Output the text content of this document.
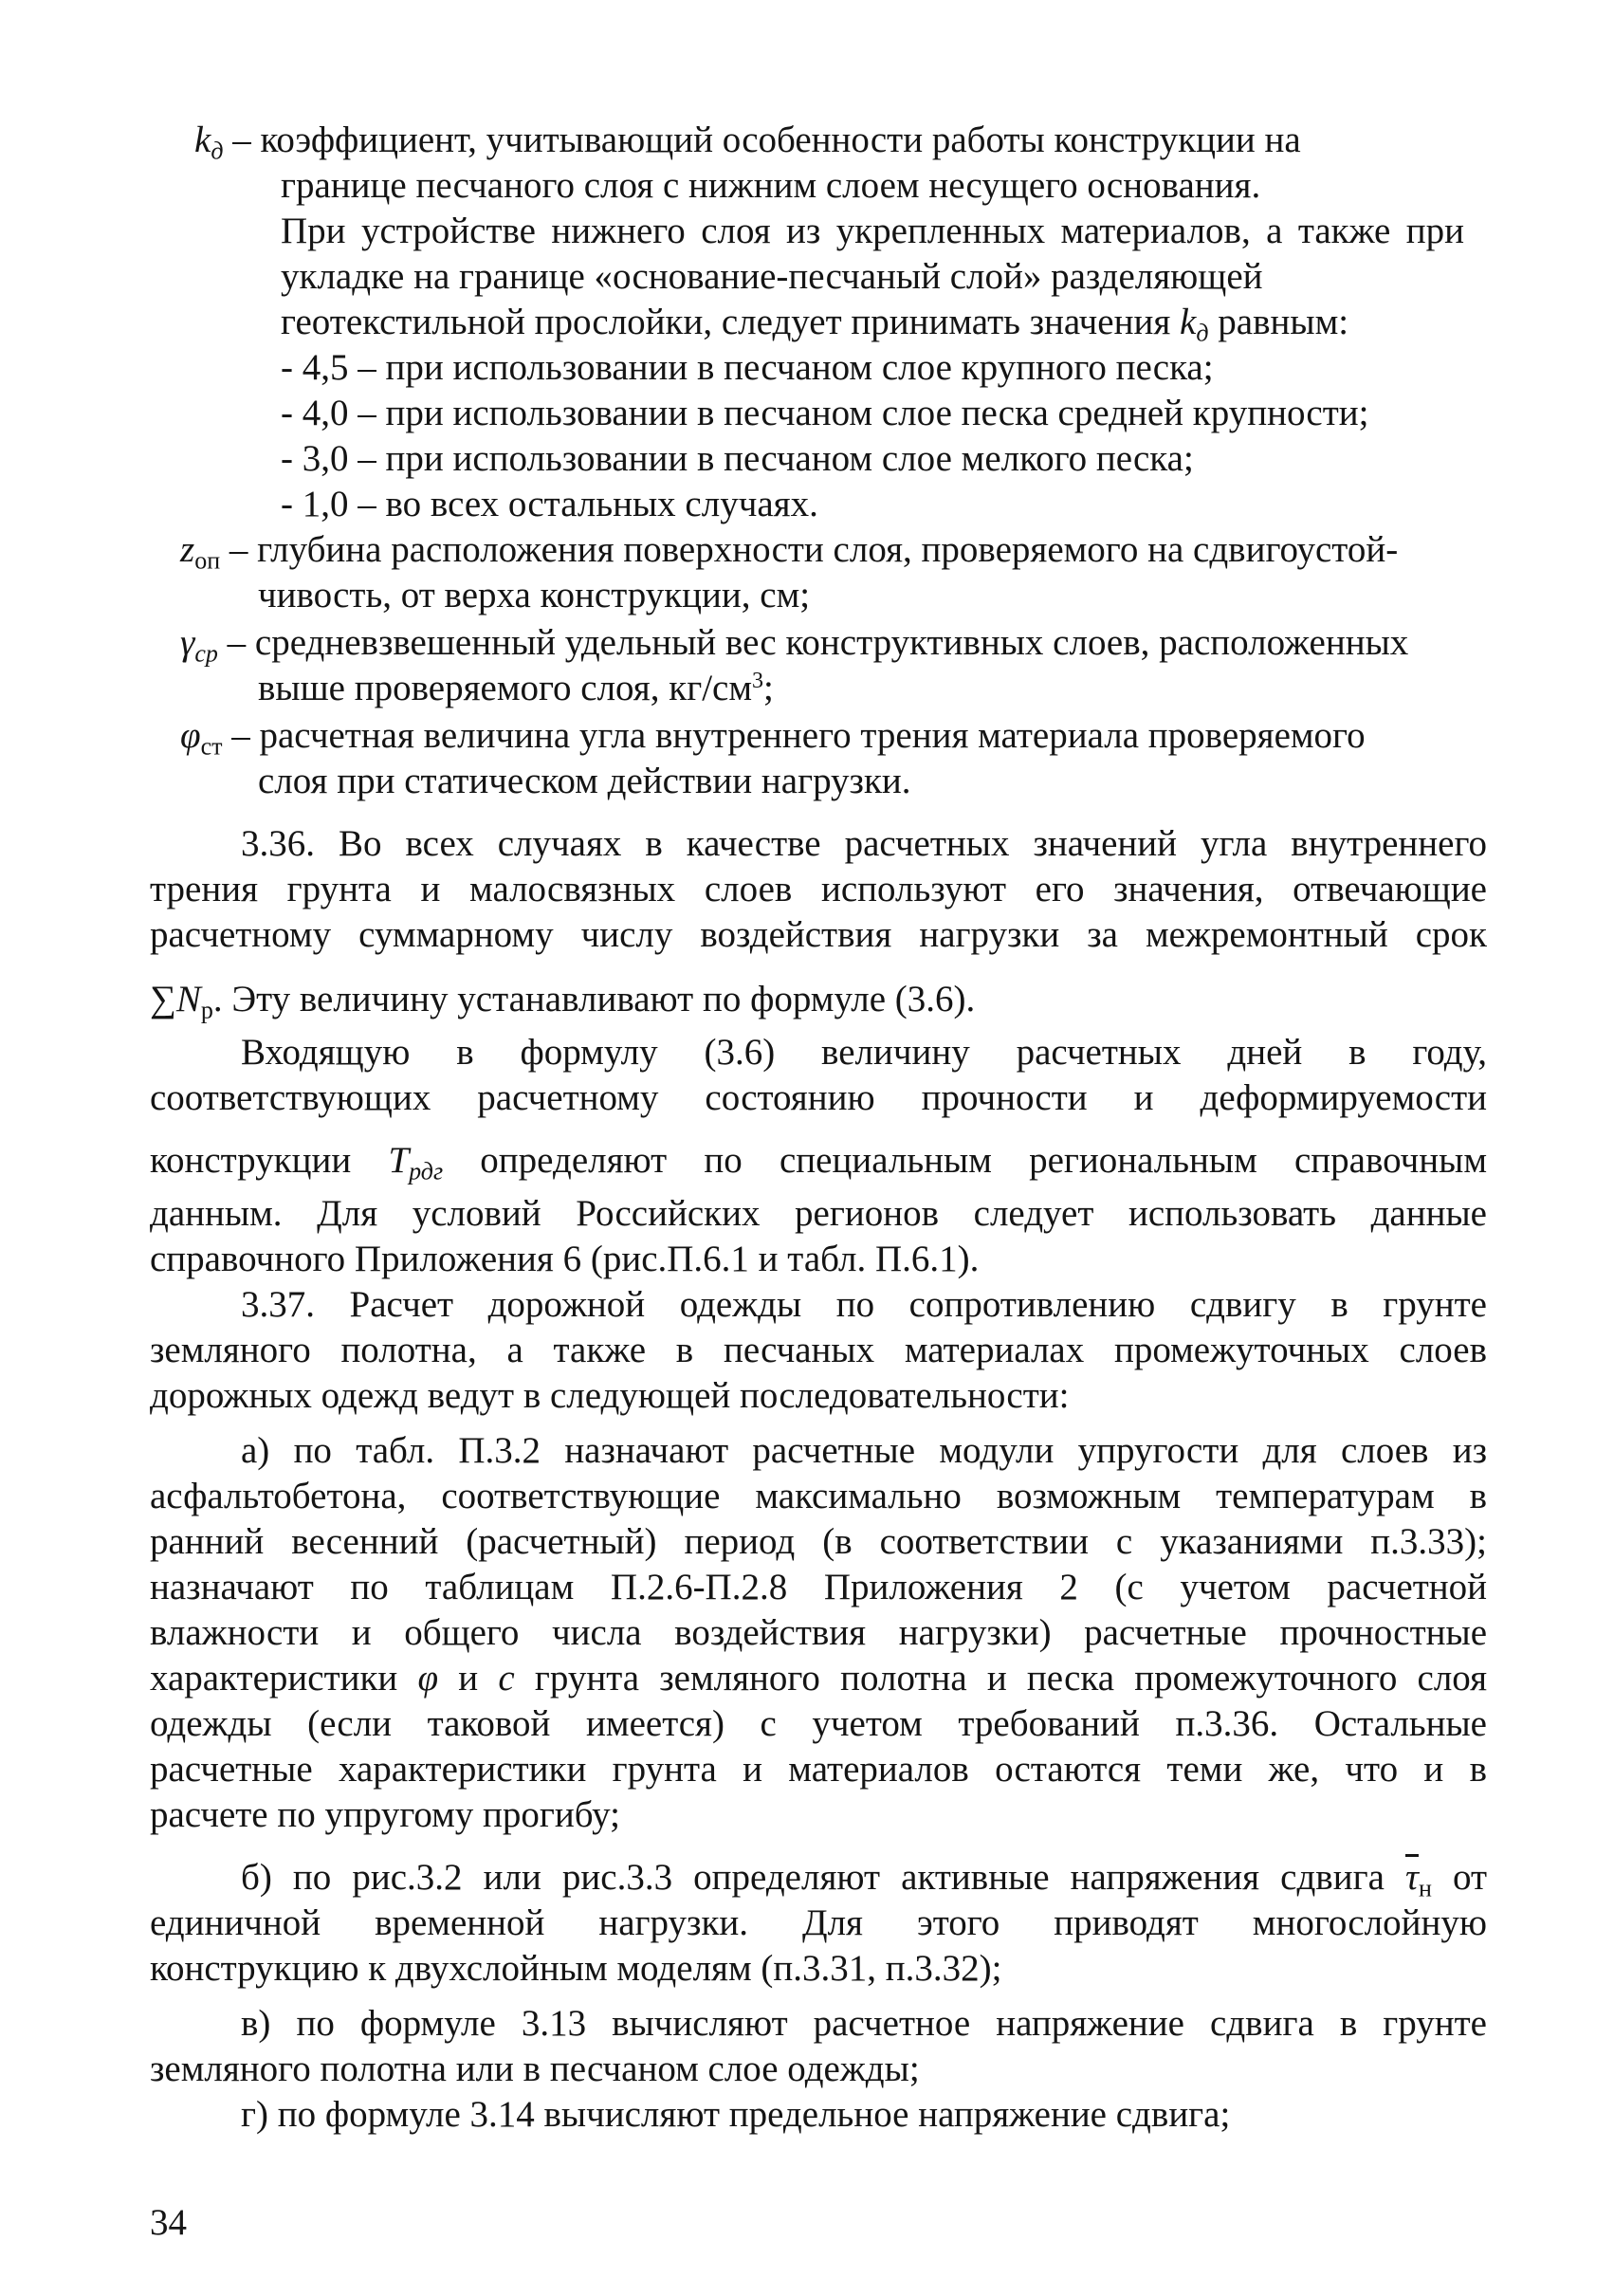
$k_д$ – коэффициент, учитывающий особенности работы конструкции на
границе песчаного слоя с нижним слоем несущего основания.
При устройстве нижнего слоя из укрепленных материалов, а также при
укладке на границе «основание-песчаный слой» разделяющей
геотекстильной прослойки, следует принимать значения $k_д$ равным:
- 4,5 – при использовании в песчаном слое крупного песка;
- 4,0 – при использовании в песчаном слое песка средней крупности;
- 3,0 – при использовании в песчаном слое мелкого песка;
- 1,0 – во всех остальных случаях.
$z_{оп}$ – глубина расположения поверхности слоя, проверяемого на сдвигоустой-
чивость, от верха конструкции, см;
$\gamma_{ср}$ – средневзвешенный удельный вес конструктивных слоев, расположенных
выше проверяемого слоя, $кг/см^3$;
$\varphi_{ст}$ – расчетная величина угла внутреннего трения материала проверяемого
слоя при статическом действии нагрузки.
3.36. Во всех случаях в качестве расчетных значений угла внутреннего
трения грунта и малосвязных слоев используют его значения, отвечающие
расчетному суммарному числу воздействия нагрузки за межремонтный срок
$\sum N_р$. Эту величину устанавливают по формуле (3.6).
Входящую в формулу (3.6) величину расчетных дней в году,
соответствующих расчетному состоянию прочности и деформируемости
конструкции $T_{рдг}$ определяют по специальным региональным справочным
данным. Для условий Российских регионов следует использовать данные
справочного Приложения 6 (рис.П.6.1 и табл. П.6.1).
3.37. Расчет дорожной одежды по сопротивлению сдвигу в грунте
земляного полотна, а также в песчаных материалах промежуточных слоев
дорожных одежд ведут в следующей последовательности:
а) по табл. П.3.2 назначают расчетные модули упругости для слоев из
асфальтобетона, соответствующие максимально возможным температурам в
ранний весенний (расчетный) период (в соответствии с указаниями п.3.33);
назначают по таблицам П.2.6-П.2.8 Приложения 2 (с учетом расчетной
влажности и общего числа воздействия нагрузки) расчетные прочностные
характеристики φ и с грунта земляного полотна и песка промежуточного слоя
одежды (если таковой имеется) с учетом требований п.3.36. Остальные
расчетные характеристики грунта и материалов остаются теми же, что и в
расчете по упругому прогибу;
б) по рис.3.2 или рис.3.3 определяют активные напряжения сдвига $\overline{\tau}_н$ от
единичной временной нагрузки. Для этого приводят многослойную
конструкцию к двухслойным моделям (п.3.31, п.3.32);
в) по формуле 3.13 вычисляют расчетное напряжение сдвига в грунте
земляного полотна или в песчаном слое одежды;
г) по формуле 3.14 вычисляют предельное напряжение сдвига;
34
